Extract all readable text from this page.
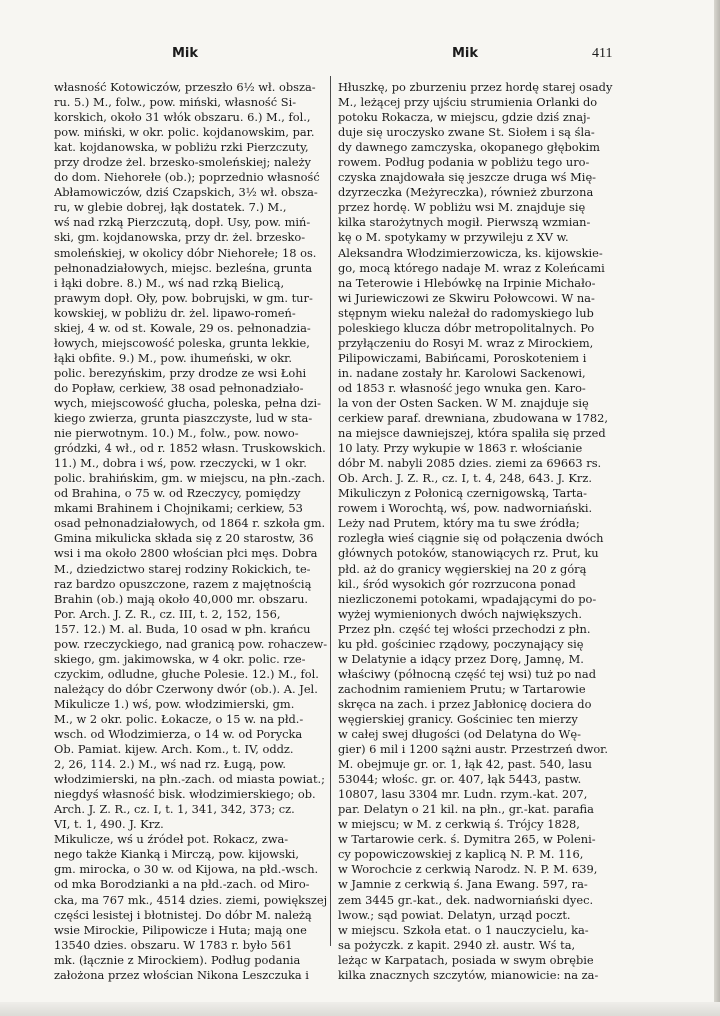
Mik	Mik	411
własność Kotowiczów, przeszło 6½ wł. obsza-
ru. 5.) M., folw., pow. miński, własność Si-
korskich, około 31 włók obszaru. 6.) M., fol.,
pow. miński, w okr. polic. kojdanowskim, par.
kat. kojdanowska, w pobliżu rzki Pierzczuty,
przy drodze żel. brzesko-smoleńskiej; należy
do dom. Niehorełe (ob.); poprzednio własność
Abłamowiczów, dziś Czapskich, 3½ wł. obsza-
ru, w glebie dobrej, łąk dostatek. 7.) M.,
wś nad rzką Pierzczutą, dopł. Usy, pow. miń-
ski, gm. kojdanowska, przy dr. żel. brzesko-
smoleńskiej, w okolicy dóbr Niehorełe; 18 os.
pełnonadziałowych, miejsc. bezleśna, grunta
i łąki dobre. 8.) M., wś nad rzką Bielicą,
prawym dopł. Oły, pow. bobrujski, w gm. tur-
kowskiej, w pobliżu dr. żel. lipawo-romeń-
skiej, 4 w. od st. Kowale, 29 os. pełnonadzia-
łowych, miejscowość poleska, grunta lekkie,
łąki obfite. 9.) M., pow. ihumeński, w okr.
polic. berezyńskim, przy drodze ze wsi Łohi
do Popław, cerkiew, 38 osad pełnonadziało-
wych, miejscowość głucha, poleska, pełna dzi-
kiego zwierza, grunta piaszczyste, lud w sta-
nie pierwotnym. 10.) M., folw., pow. nowo-
gródzki, 4 wł., od r. 1852 własn. Truskowskich.
11.) M., dobra i wś, pow. rzeczycki, w 1 okr.
polic. brahińskim, gm. w miejscu, na płn.-zach.
od Brahina, o 75 w. od Rzeczycy, pomiędzy
mkami Brahinem i Chojnikami; cerkiew, 53
osad pełnonadziałowych, od 1864 r. szkoła gm.
Gmina mikulicka składa się z 20 starostw, 36
wsi i ma około 2800 włościan płci męs. Dobra
M., dziedzictwo starej rodziny Rokickich, te-
raz bardzo opuszczone, razem z majętnością
Brahin (ob.) mają około 40,000 mr. obszaru.
Por. Arch. J. Z. R., cz. III, t. 2, 152, 156,
157. 12.) M. al. Buda, 10 osad w płn. krańcu
pow. rzeczyckiego, nad granicą pow. rohaczew-
skiego, gm. jakimowska, w 4 okr. polic. rze-
czyckim, odludne, głuche Polesie. 12.) M., fol.
należący do dóbr Czerwony dwór (ob.). A. Jel.
Mikulicze 1.) wś, pow. włodzimierski, gm.
M., w 2 okr. polic. Łokacze, o 15 w. na płd.-
wsch. od Włodzimierza, o 14 w. od Porycka
Ob. Pamiat. kijew. Arch. Kom., t. IV, oddz.
2, 26, 114. 2.) M., wś nad rz. Ługą, pow.
włodzimierski, na płn.-zach. od miasta powiat.;
niegdyś własność bisk. włodzimierskiego; ob.
Arch. J. Z. R., cz. I, t. 1, 341, 342, 373; cz.
VI, t. 1, 490. J. Krz.
Mikulicze, wś u źródeł pot. Rokacz, zwa-
nego także Kianką i Mirczą, pow. kijowski,
gm. mirocka, o 30 w. od Kijowa, na płd.-wsch.
od mka Borodzianki a na płd.-zach. od Miro-
cka, ma 767 mk., 4514 dzies. ziemi, powiększej
części lesistej i błotnistej. Do dóbr M. należą
wsie Mirockie, Pilipowicze i Huta; mają one
13540 dzies. obszaru. W 1783 r. było 561
mk. (łącznie z Mirockiem). Podług podania
założona przez włościan Nikona Leszczuka i
Hłuszkę, po zburzeniu przez hordę starej osady
M., leżącej przy ujściu strumienia Orlanki do
potoku Rokacza, w miejscu, gdzie dziś znaj-
duje się uroczysko zwane St. Siołem i są śla-
dy dawnego zamczyska, okopanego głębokim
rowem. Podług podania w pobliżu tego uro-
czyska znajdowała się jeszcze druga wś Mię-
dzyrzeczka (Meżyreczka), również zburzona
przez hordę. W pobliżu wsi M. znajduje się
kilka starożytnych mogił. Pierwszą wzmian-
kę o M. spotykamy w przywileju z XV w.
Aleksandra Włodzimierzowicza, ks. kijowskie-
go, mocą którego nadaje M. wraz z Koleńcami
na Teterowie i Hlebówkę na Irpinie Michało-
wi Juriewiczowi ze Skwiru Połowcowi. W na-
stępnym wieku należał do radomyskiego lub
poleskiego klucza dóbr metropolitalnych. Po
przyłączeniu do Rosyi M. wraz z Mirockiem,
Pilipowiczami, Babińcami, Poroskoteniem i
in. nadane zostały hr. Karolowi Sackenowi,
od 1853 r. własność jego wnuka gen. Karo-
la von der Osten Sacken. W M. znajduje się
cerkiew paraf. drewniana, zbudowana w 1782,
na miejsce dawniejszej, która spaliła się przed
10 laty. Przy wykupie w 1863 r. włościanie
dóbr M. nabyli 2085 dzies. ziemi za 69663 rs.
Ob. Arch. J. Z. R., cz. I, t. 4, 248, 643. J. Krz.
Mikuliczyn z Połonicą czernigowską, Tarta-
rowem i Worochtą, wś, pow. nadworniański.
Leży nad Prutem, który ma tu swe źródła;
rozległa wieś ciągnie się od połączenia dwóch
głównych potoków, stanowiących rz. Prut, ku
płd. aż do granicy węgierskiej na 20 z górą
kil., śród wysokich gór rozrzucona ponad
niezliczonemi potokami, wpadającymi do po-
wyżej wymienionych dwóch największych.
Przez płn. część tej włości przechodzi z płn.
ku płd. gościniec rządowy, poczynający się
w Delatynie a idący przez Dorę, Jamnę, M.
właściwy (północną część tej wsi) tuż po nad
zachodnim ramieniem Prutu; w Tartarowie
skręca na zach. i przez Jabłonicę dociera do
węgierskiej granicy. Gościniec ten mierzy
w całej swej długości (od Delatyna do Wę-
gier) 6 mil i 1200 sążni austr. Przestrzeń dwor.
M. obejmuje gr. or. 1, łąk 42, past. 540, lasu
53044; włośc. gr. or. 407, łąk 5443, pastw.
10807, lasu 3304 mr. Ludn. rzym.-kat. 207,
par. Delatyn o 21 kil. na płn., gr.-kat. parafia
w miejscu; w M. z cerkwią ś. Trójcy 1828,
w Tartarowie cerk. ś. Dymitra 265, w Poleni-
cy popowiczowskiej z kaplicą N. P. M. 116,
w Worochcie z cerkwią Narodz. N. P. M. 639,
w Jamnie z cerkwią ś. Jana Ewang. 597, ra-
zem 3445 gr.-kat., dek. nadworniański dyec.
lwow.; sąd powiat. Delatyn, urząd poczt.
w miejscu. Szkoła etat. o 1 nauczycielu, ka-
sa pożyczk. z kapit. 2940 zł. austr. Wś ta,
leżąc w Karpatach, posiada w swym obrębie
kilka znacznych szczytów, mianowicie: na za-
